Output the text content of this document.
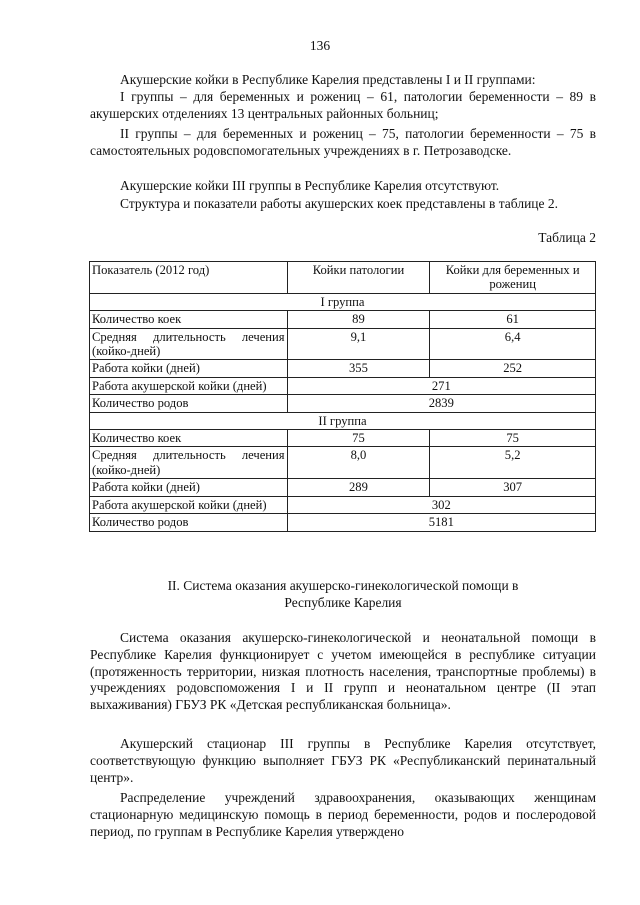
136

Акушерские койки в Республике Карелия представлены I и II группами:

I группы – для беременных и рожениц – 61, патологии беременности – 89 в акушерских отделениях 13 центральных районных больниц;

II группы – для беременных и рожениц – 75, патологии беременности – 75 в самостоятельных родовспомогательных учреждениях в г. Петрозаводске.

Акушерские койки III группы в Республике Карелия отсутствуют.

Структура и показатели работы акушерских коек представлены в таблице 2.

Таблица 2
Показатель (2012 год)	Койки патологии	Койки для беременных и рожениц
I группа		
Количество коек	89	61
Средняя длительность лечения (койко-дней)	9,1	6,4
Работа койки (дней)	355	252
Работа акушерской койки (дней)	271	
Количество родов	2839	
II группа		
Количество коек	75	75
Средняя длительность лечения (койко-дней)	8,0	5,2
Работа койки (дней)	289	307
Работа акушерской койки (дней)	302	
Количество родов	5181	
II. Система оказания акушерско-гинекологической помощи в
Республике Карелия

Система оказания акушерско-гинекологической и неонатальной помощи в Республике Карелия функционирует с учетом имеющейся в республике ситуации (протяженность территории, низкая плотность населения, транспортные проблемы) в учреждениях родовспоможения I и II групп и неонатальном центре (II этап выхаживания) ГБУЗ РК «Детская республиканская больница».

Акушерский стационар III группы в Республике Карелия отсутствует, соответствующую функцию выполняет ГБУЗ РК «Республиканский перинатальный центр».

Распределение учреждений здравоохранения, оказывающих женщинам стационарную медицинскую помощь в период беременности, родов и послеродовой период, по группам в Республике Карелия утверждено
